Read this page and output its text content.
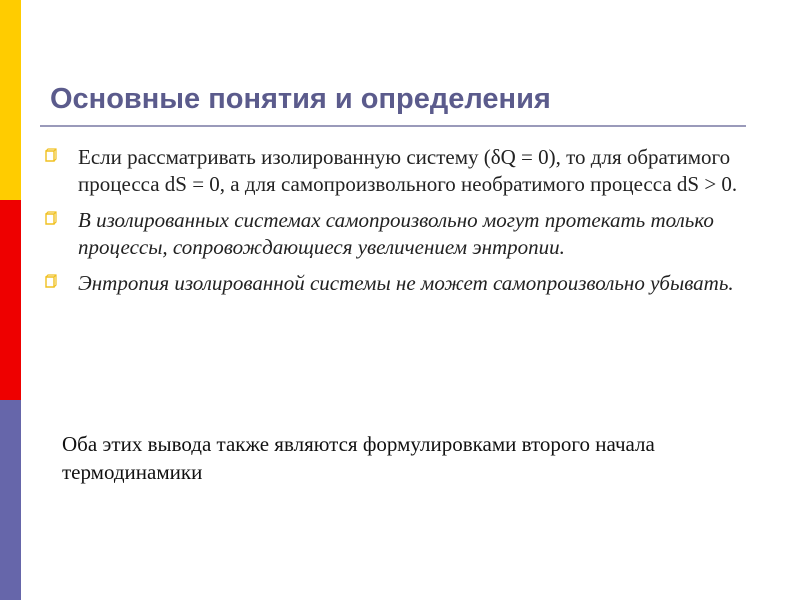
Основные понятия и определения
Если рассматривать изолированную систему (δQ = 0), то для обратимого процесса dS = 0, а для самопроизвольного необратимого процесса dS > 0.
В изолированных системах самопроизвольно могут протекать только процессы, сопровождающиеся увеличением энтропии.
Энтропия изолированной системы не может самопроизвольно убывать.
Оба этих вывода также являются формулировками второго начала термодинамики
